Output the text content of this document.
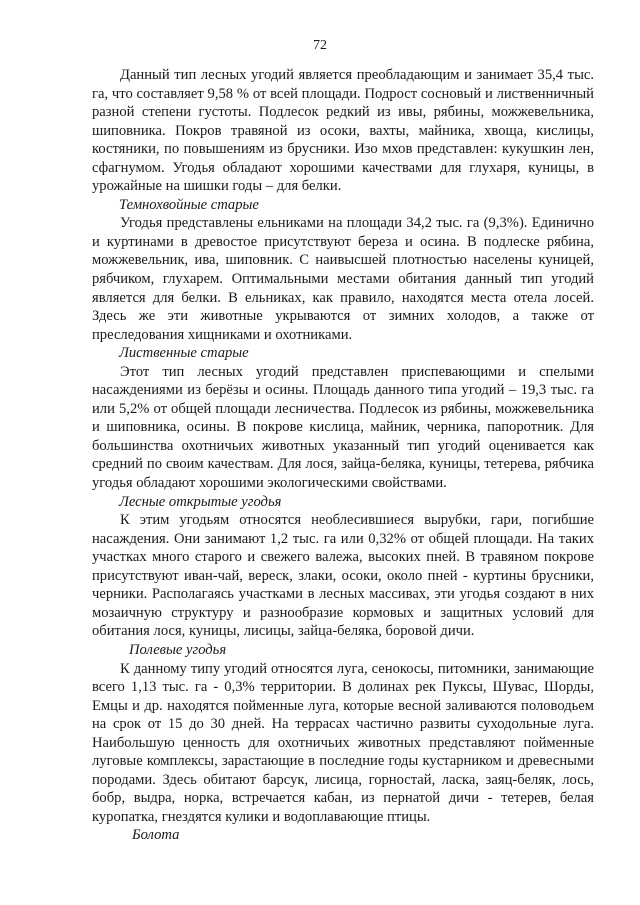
72

Данный тип лесных угодий является преобладающим и занимает 35,4 тыс. га, что составляет 9,58 % от всей площади. Подрост сосновый и лиственничный разной степени густоты. Подлесок редкий из ивы, рябины, можжевельника, шиповника. Покров травяной из осоки, вахты, майника, хвоща, кислицы, костяники, по повышениям из брусники. Изо мхов представлен: кукушкин лен, сфагнумом. Угодья обладают хорошими качествами для глухаря, куницы, в урожайные на шишки годы – для белки.

Темнохвойные старые

Угодья представлены ельниками на площади 34,2 тыс. га (9,3%). Единично и куртинами в древостое присутствуют береза и осина. В подлеске рябина, можжевельник, ива, шиповник. С наивысшей плотностью населены куницей, рябчиком, глухарем. Оптимальными местами обитания данный тип угодий является для белки. В ельниках, как правило, находятся места отела лосей. Здесь же эти животные укрываются от зимних холодов, а также от преследования хищниками и охотниками.

Лиственные старые

Этот тип лесных угодий представлен приспевающими и спелыми насаждениями из берёзы и осины. Площадь данного типа угодий – 19,3 тыс. га или 5,2% от общей площади лесничества. Подлесок из рябины, можжевельника и шиповника, осины. В покрове кислица, майник, черника, папоротник. Для большинства охотничьих животных указанный тип угодий оценивается как средний по своим качествам. Для лося, зайца-беляка, куницы, тетерева, рябчика угодья обладают хорошими экологическими свойствами.

Лесные открытые угодья

К этим угодьям относятся необлесившиеся вырубки, гари, погибшие насаждения. Они занимают 1,2 тыс. га или 0,32% от общей площади. На таких участках много старого и свежего валежа, высоких пней. В травяном покрове присутствуют иван-чай, вереск, злаки, осоки, около пней - куртины брусники, черники. Располагаясь участками в лесных массивах, эти угодья создают в них мозаичную структуру и разнообразие кормовых и защитных условий для обитания лося, куницы, лисицы, зайца-беляка, боровой дичи.

Полевые угодья

К данному типу угодий относятся луга, сенокосы, питомники, занимающие всего 1,13 тыс. га - 0,3% территории. В долинах рек Пуксы, Шувас, Шорды, Емцы и др. находятся пойменные луга, которые весной заливаются половодьем на срок от 15 до 30 дней. На террасах частично развиты суходольные луга. Наибольшую ценность для охотничьих животных представляют пойменные луговые комплексы, зарастающие в последние годы кустарником и древесными породами. Здесь обитают барсук, лисица, горностай, ласка, заяц-беляк, лось, бобр, выдра, норка, встречается кабан, из пернатой дичи - тетерев, белая куропатка, гнездятся кулики и водоплавающие птицы.

Болота
